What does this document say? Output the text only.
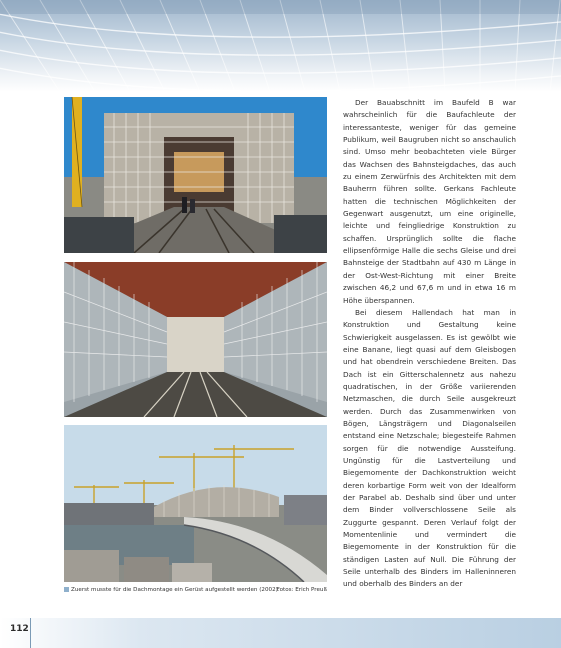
Zuerst musste für die Dachmontage ein Gerüst aufgestellt werden (2002).
Fotos: Erich Preuß

Der Bauabschnitt im Baufeld B war wahrscheinlich für die Baufachleute der interessanteste, weniger für das gemeine Publikum, weil Baugruben nicht so anschaulich sind. Umso mehr beobachteten viele Bürger das Wachsen des Bahnsteigdaches, das auch zu einem Zerwürfnis des Architekten mit dem Bauherrn führen sollte. Gerkans Fachleute hatten die technischen Möglichkeiten der Gegenwart ausgenutzt, um eine originelle, leichte und feingliedrige Konstruktion zu schaffen. Ursprünglich sollte die flache ellipsenförmige Halle die sechs Gleise und drei Bahnsteige der Stadtbahn auf 430 m Länge in der Ost-West-Richtung mit einer Breite zwischen 46,2 und 67,6 m und in etwa 16 m Höhe überspannen.

Bei diesem Hallendach hat man in Konstruktion und Gestaltung keine Schwierigkeit ausgelassen. Es ist gewölbt wie eine Banane, liegt quasi auf dem Gleisbogen und hat obendrein verschiedene Breiten. Das Dach ist ein Gitterschalennetz aus nahezu quadratischen, in der Größe variierenden Netzmaschen, die durch Seile ausgekreuzt werden. Durch das Zusammenwirken von Bögen, Längsträgern und Diagonalseilen entstand eine Netzschale; biegesteife Rahmen sorgen für die notwendige Aussteifung. Ungünstig für die Lastverteilung und Biegemomente der Dachkonstruktion weicht deren korbartige Form weit von der Idealform der Parabel ab. Deshalb sind über und unter dem Binder vollverschlossene Seile als Zuggurte gespannt. Deren Verlauf folgt der Momentenlinie und vermindert die Biegemomente in der Konstruktion für die ständigen Lasten auf Null. Die Führung der Seile unterhalb des Binders im Halleninneren und oberhalb des Binders an der

112
